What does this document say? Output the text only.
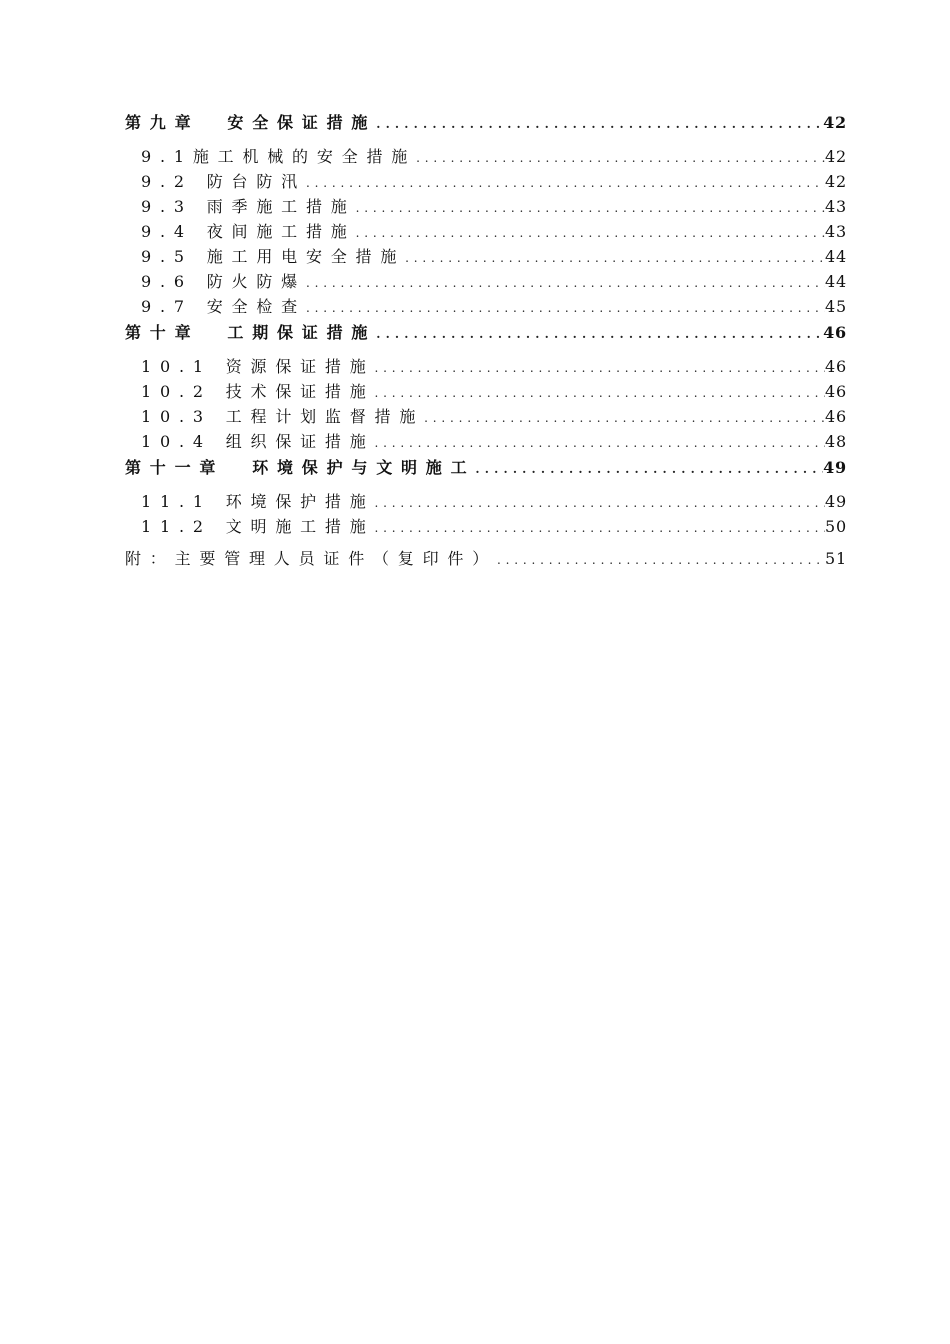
第九章 安全保证措施 . . .	42
9.1施工机械的安全措施 . . .	42
9.2 防台防汛 . . .	42
9.3 雨季施工措施 . . .	43
9.4 夜间施工措施 . . .	43
9.5 施工用电安全措施 . . .	44
9.6 防火防爆 . . .	44
9.7 安全检查 . . .	45
第十章 工期保证措施 . . .	46
10.1 资源保证措施 . . .	46
10.2 技术保证措施 . . .	46
10.3 工程计划监督措施 . . .	46
10.4 组织保证措施 . . .	48
第十一章 环境保护与文明施工 . . .	49
11.1 环境保护措施 . . .	49
11.2 文明施工措施 . . .	50
附：主要管理人员证件（复印件） . . .	51
